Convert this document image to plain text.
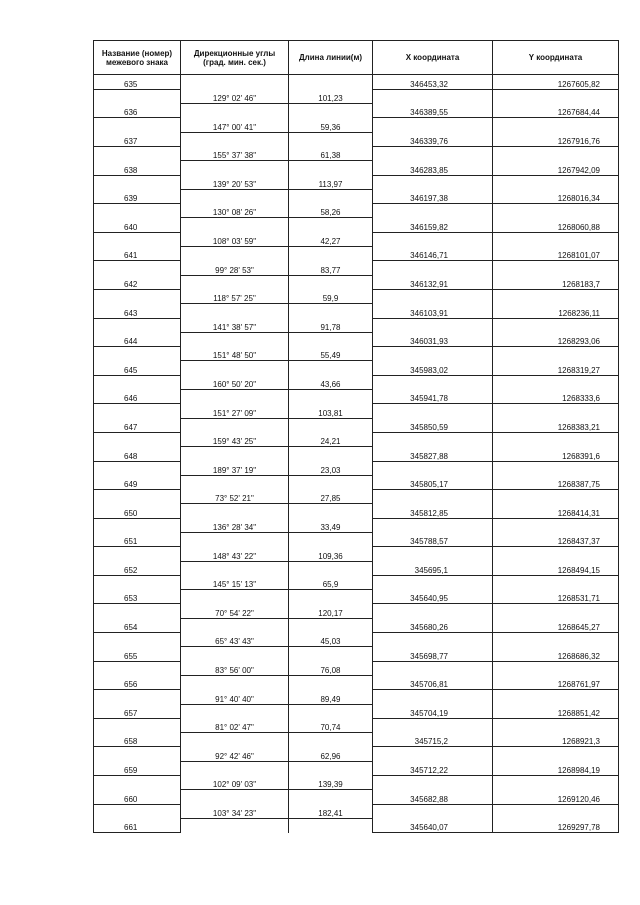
Название (номер) межевого знака	Дирекционные углы (град. мин. сек.)	Длина линии(м)	X координата	Y координата
635			346453,32	1267605,82
	129° 02' 46"	101,23		
636			346389,55	1267684,44
	147° 00' 41"	59,36		
637			346339,76	1267916,76
	155° 37' 38"	61,38		
638			346283,85	1267942,09
	139° 20' 53"	113,97		
639			346197,38	1268016,34
	130° 08' 26"	58,26		
640			346159,82	1268060,88
	108° 03' 59"	42,27		
641			346146,71	1268101,07
	99° 28' 53"	83,77		
642			346132,91	1268183,7
	118° 57' 25"	59,9		
643			346103,91	1268236,11
	141° 38' 57"	91,78		
644			346031,93	1268293,06
	151° 48' 50"	55,49		
645			345983,02	1268319,27
	160° 50' 20"	43,66		
646			345941,78	1268333,6
	151° 27' 09"	103,81		
647			345850,59	1268383,21
	159° 43' 25"	24,21		
648			345827,88	1268391,6
	189° 37' 19"	23,03		
649			345805,17	1268387,75
	73° 52' 21"	27,85		
650			345812,85	1268414,31
	136° 28' 34"	33,49		
651			345788,57	1268437,37
	148° 43' 22"	109,36		
652			345695,1	1268494,15
	145° 15' 13"	65,9		
653			345640,95	1268531,71
	70° 54' 22"	120,17		
654			345680,26	1268645,27
	65° 43' 43"	45,03		
655			345698,77	1268686,32
	83° 56' 00"	76,08		
656			345706,81	1268761,97
	91° 40' 40"	89,49		
657			345704,19	1268851,42
	81° 02' 47"	70,74		
658			345715,2	1268921,3
	92° 42' 46"	62,96		
659			345712,22	1268984,19
	102° 09' 03"	139,39		
660			345682,88	1269120,46
	103° 34' 23"	182,41		
661			345640,07	1269297,78
